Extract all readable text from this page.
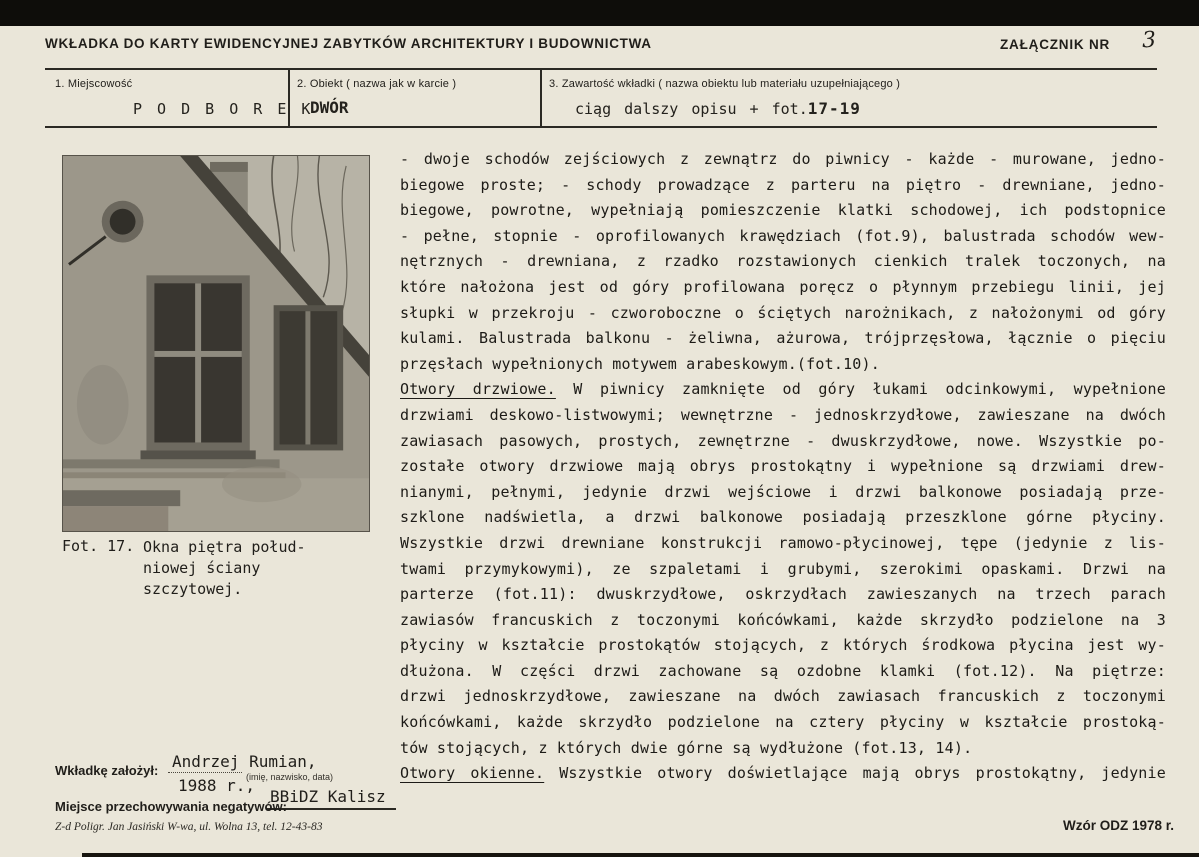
WKŁADKA DO KARTY EWIDENCYJNEJ ZABYTKÓW ARCHITEKTURY I BUDOWNICTWA	ZAŁĄCZNIK NR 3
1. Miejscowość	2. Obiekt ( nazwa jak w karcie )	3. Zawartość wkładki ( nazwa obiektu lub materiału uzupełniającego )
P O D B O R E K
DWÓR	ciąg dalszy opisu + fot.17-19
Fot. 17. Okna piętra połud-
niowej ściany
szczytowej.
- dwoje schodów zejściowych z zewnątrz do piwnicy - każde - murowane, jedno-
biegowe proste; - schody prowadzące z parteru na piętro - drewniane, jedno-
biegowe, powrotne, wypełniają pomieszczenie klatki schodowej, ich podstopnice
- pełne, stopnie - oprofilowanych krawędziach (fot.9), balustrada schodów wew-
nętrznych - drewniana, z rzadko rozstawionych cienkich tralek toczonych, na
które nałożona jest od góry profilowana poręcz o płynnym przebiegu linii, jej
słupki w przekroju - czworoboczne o ściętych narożnikach, z nałożonymi od góry
kulami. Balustrada balkonu - żeliwna, ażurowa, trójprzęsłowa, łącznie o pięciu
przęsłach wypełnionych motywem arabeskowym.(fot.10).
Otwory drzwiowe. W piwnicy zamknięte od góry łukami odcinkowymi, wypełnione
drzwiami deskowo-listwowymi; wewnętrzne - jednoskrzydłowe, zawieszane na dwóch
zawiasach pasowych, prostych, zewnętrzne - dwuskrzydłowe, nowe. Wszystkie po-
zostałe otwory drzwiowe mają obrys prostokątny i wypełnione są drzwiami drew-
nianymi, pełnymi, jedynie drzwi wejściowe i drzwi balkonowe posiadają prze-
szklone nadświetla, a drzwi balkonowe posiadają przeszklone górne płyciny.
Wszystkie drzwi drewniane konstrukcji ramowo-płycinowej, tępe (jedynie z lis-
twami przymykowymi), ze szpaletami i grubymi, szerokimi opaskami. Drzwi na
parterze (fot.11): dwuskrzydłowe, oskrzydłach zawieszanych na trzech parach
zawiasów francuskich z toczonymi końcówkami, każde skrzydło podzielone na 3
płyciny w kształcie prostokątów stojących, z których środkowa płycina jest wy-
dłużona. W części drzwi zachowane są ozdobne klamki (fot.12). Na piętrze:
drzwi jednoskrzydłowe, zawieszane na dwóch zawiasach francuskich z toczonymi
końcówkami, każde skrzydło podzielone na cztery płyciny w kształcie prostoką-
tów stojących, z których dwie górne są wydłużone (fot.13, 14).
Otwory okienne. Wszystkie otwory doświetlające mają obrys prostokątny, jedynie
Wkładkę założył: Andrzej Rumian,
1988 r.,
(imię, nazwisko, data)
BBiDZ Kalisz
Miejsce przechowywania negatywów:
Z-d Poligr. Jan Jasiński W-wa, ul. Wolna 13, tel. 12-43-83	Wzór ODZ 1978 r.
